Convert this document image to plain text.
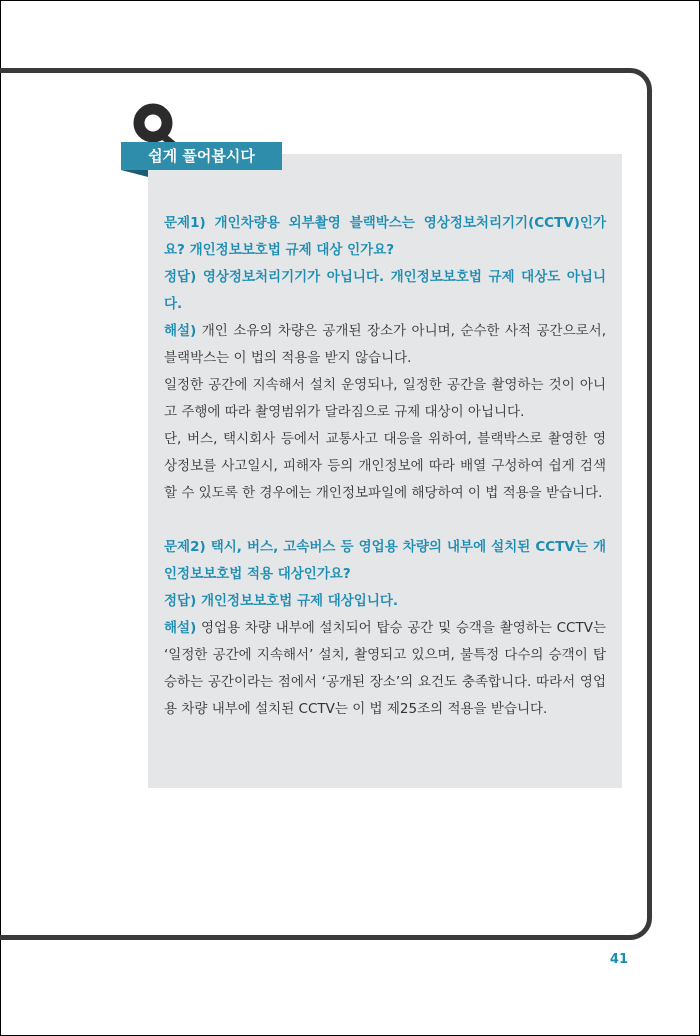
쉽게 풀어봅시다

문제1) 개인차량용 외부촬영 블랙박스는 영상정보처리기기(CCTV)인가요? 개인정보보호법 규제 대상 인가요?

정답) 영상정보처리기기가 아닙니다. 개인정보보호법 규제 대상도 아닙니다.

해설) 개인 소유의 차량은 공개된 장소가 아니며, 순수한 사적 공간으로서, 블랙박스는 이 법의 적용을 받지 않습니다.

일정한 공간에 지속해서 설치 운영되나, 일정한 공간을 촬영하는 것이 아니고 주행에 따라 촬영범위가 달라짐으로 규제 대상이 아닙니다.

단, 버스, 택시회사 등에서 교통사고 대응을 위하여, 블랙박스로 촬영한 영상정보를 사고일시, 피해자 등의 개인정보에 따라 배열 구성하여 쉽게 검색할 수 있도록 한 경우에는 개인정보파일에 해당하여 이 법 적용을 받습니다.

문제2) 택시, 버스, 고속버스 등 영업용 차량의 내부에 설치된 CCTV는 개인정보보호법 적용 대상인가요?

정답) 개인정보보호법 규제 대상입니다.

해설) 영업용 차량 내부에 설치되어 탑승 공간 및 승객을 촬영하는 CCTV는 ‘일정한 공간에 지속해서’ 설치, 촬영되고 있으며, 불특정 다수의 승객이 탑승하는 공간이라는 점에서 ‘공개된 장소’의 요건도 충족합니다. 따라서 영업용 차량 내부에 설치된 CCTV는 이 법 제25조의 적용을 받습니다.

41
